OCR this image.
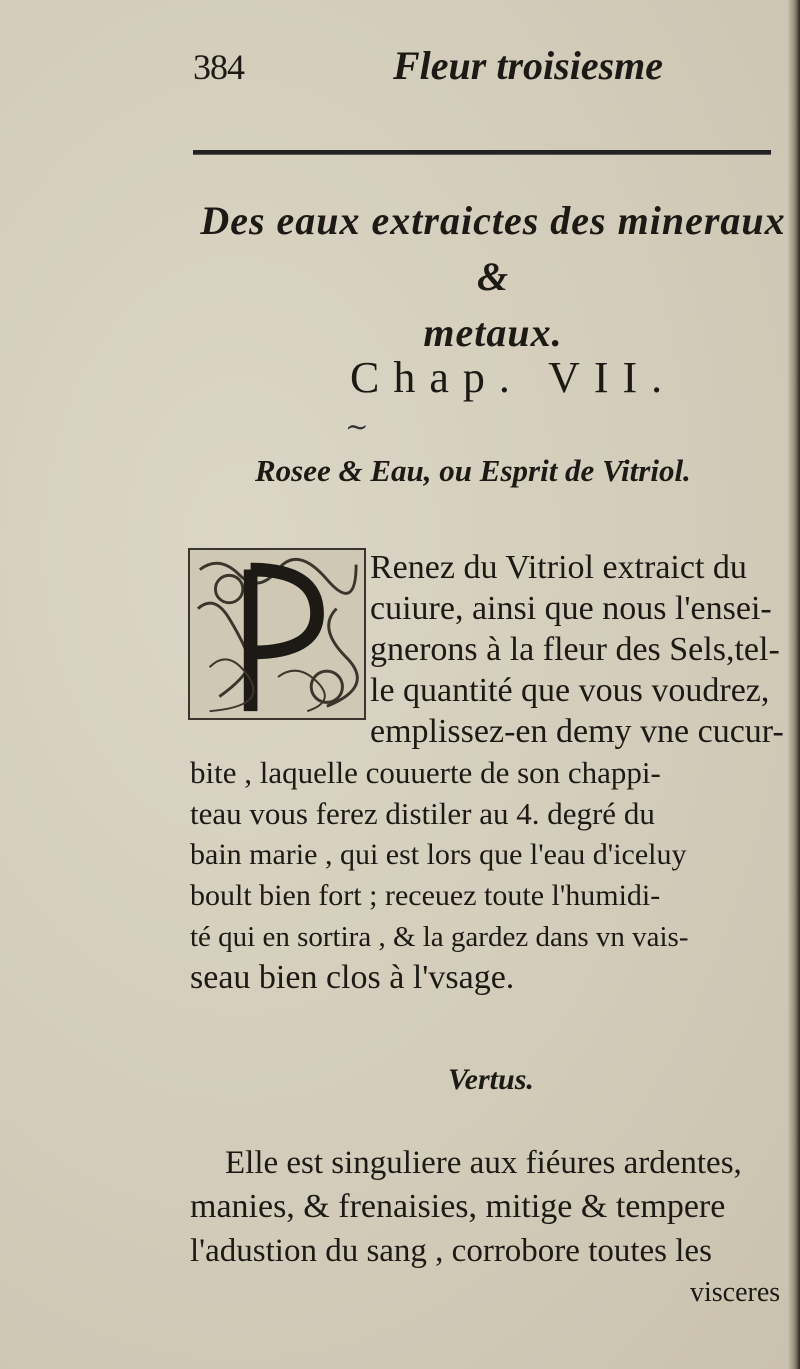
384	Fleur troisiesme
Des eaux extraictes des mineraux &
metaux.
Chap. VII.
~
Rosee & Eau, ou Esprit de Vitriol.
Renez du Vitriol extraict du
cuiure, ainsi que nous l'ensei-
gnerons à la fleur des Sels,tel-
le quantité que vous voudrez,
emplissez-en demy vne cucur-
bite , laquelle couuerte de son chappi-
teau vous ferez distiler au 4. degré du
bain marie , qui est lors que l'eau d'iceluy
boult bien fort ; receuez toute l'humidi-
té qui en sortira , & la gardez dans vn vais-
seau bien clos à l'vsage.
Vertus.
Elle est singuliere aux fiéures ardentes,
manies, & frenaisies, mitige & tempere
l'adustion du sang , corrobore toutes les
visceres
